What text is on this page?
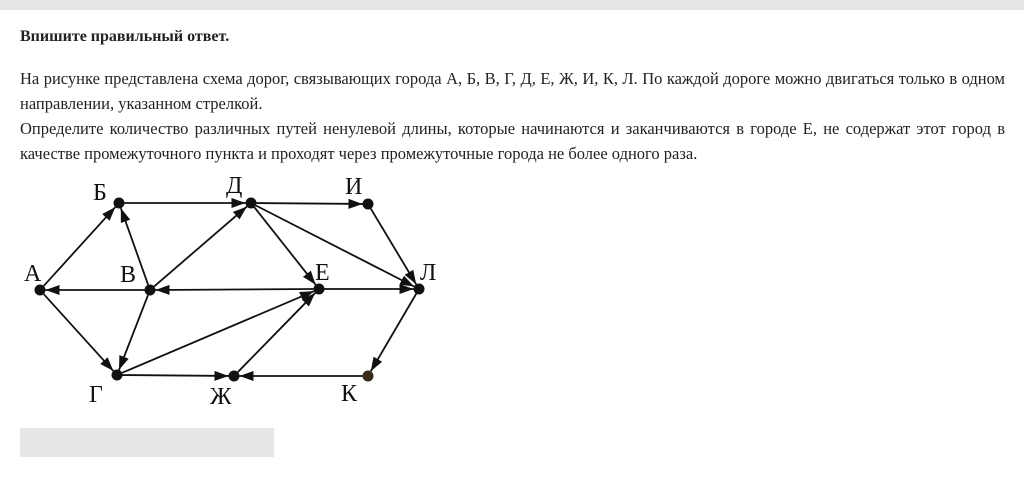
Впишите правильный ответ.

На рисунке представлена схема дорог, связывающих города А, Б, В, Г, Д, Е, Ж, И, К, Л. По каждой дороге можно двигаться только в одном направлении, указанном стрелкой.

Определите количество различных путей ненулевой длины, которые начинаются и заканчиваются в городе Е, не содержат этот город в качестве промежуточного пункта и проходят через промежуточные города не более одного раза.

А
Б
В
Г
Д
Е
Ж
И
К
Л
